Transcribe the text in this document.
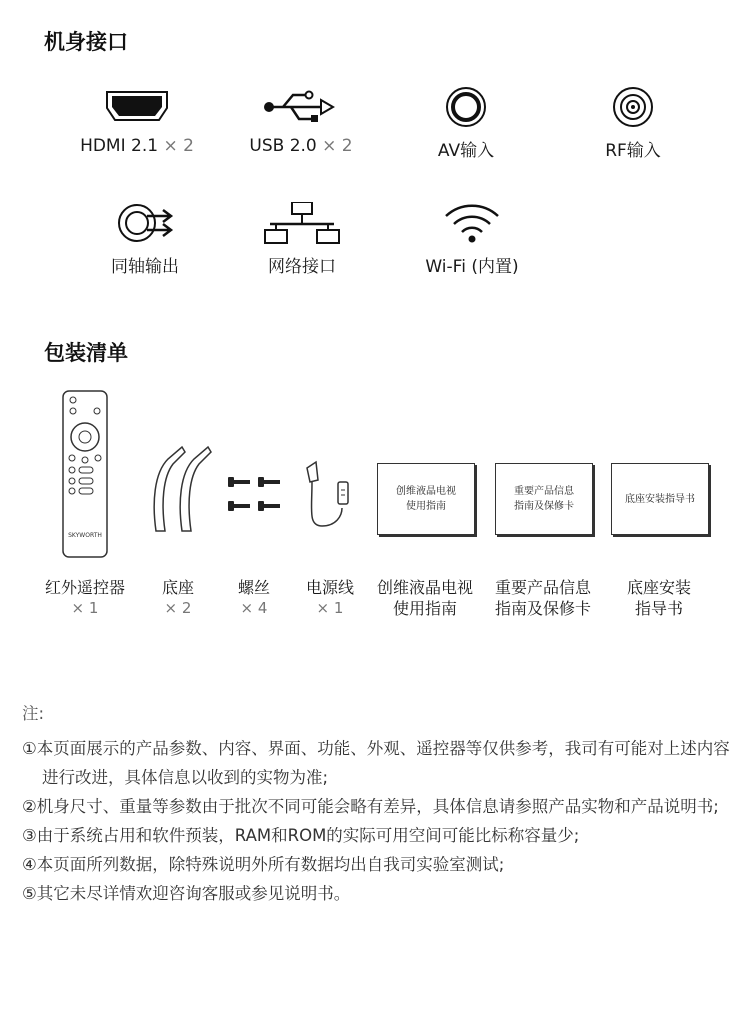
机身接口
HDMI 2.1 × 2	USB 2.0 × 2	AV输入	RF输入
同轴输出	网络接口	Wi-Fi (内置)
包装清单
SKYWORTH
创维液晶电视
使用指南
重要产品信息
指南及保修卡
底座安装指导书
红外遥控器
× 1
底座
× 2
螺丝
× 4
电源线
× 1
创维液晶电视
使用指南
重要产品信息
指南及保修卡
底座安装
指导书
注:
①本页面展示的产品参数、内容、界面、功能、外观、遥控器等仅供参考，我司有可能对上述内容进行改进，具体信息以收到的实物为准;
②机身尺寸、重量等参数由于批次不同可能会略有差异，具体信息请参照产品实物和产品说明书;
③由于系统占用和软件预装，RAM和ROM的实际可用空间可能比标称容量少;
④本页面所列数据，除特殊说明外所有数据均出自我司实验室测试;
⑤其它未尽详情欢迎咨询客服或参见说明书。
